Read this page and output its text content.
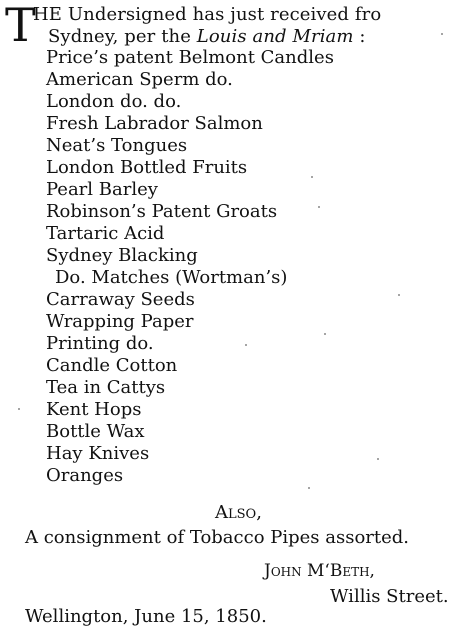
T
HE Undersigned has just received fro
Sydney, per the Louis and Mriam :
Price’s patent Belmont Candles
American Sperm do.
London do. do.
Fresh Labrador Salmon
Neat’s Tongues
London Bottled Fruits
Pearl Barley
Robinson’s Patent Groats
Tartaric Acid
Sydney Blacking
Do. Matches (Wortman’s)
Carraway Seeds
Wrapping Paper
Printing do.
Candle Cotton
Tea in Cattys
Kent Hops
Bottle Wax
Hay Knives
Oranges
Also,
A consignment of Tobacco Pipes assorted.
John M‘Beth,
Willis Street.
Wellington, June 15, 1850.
